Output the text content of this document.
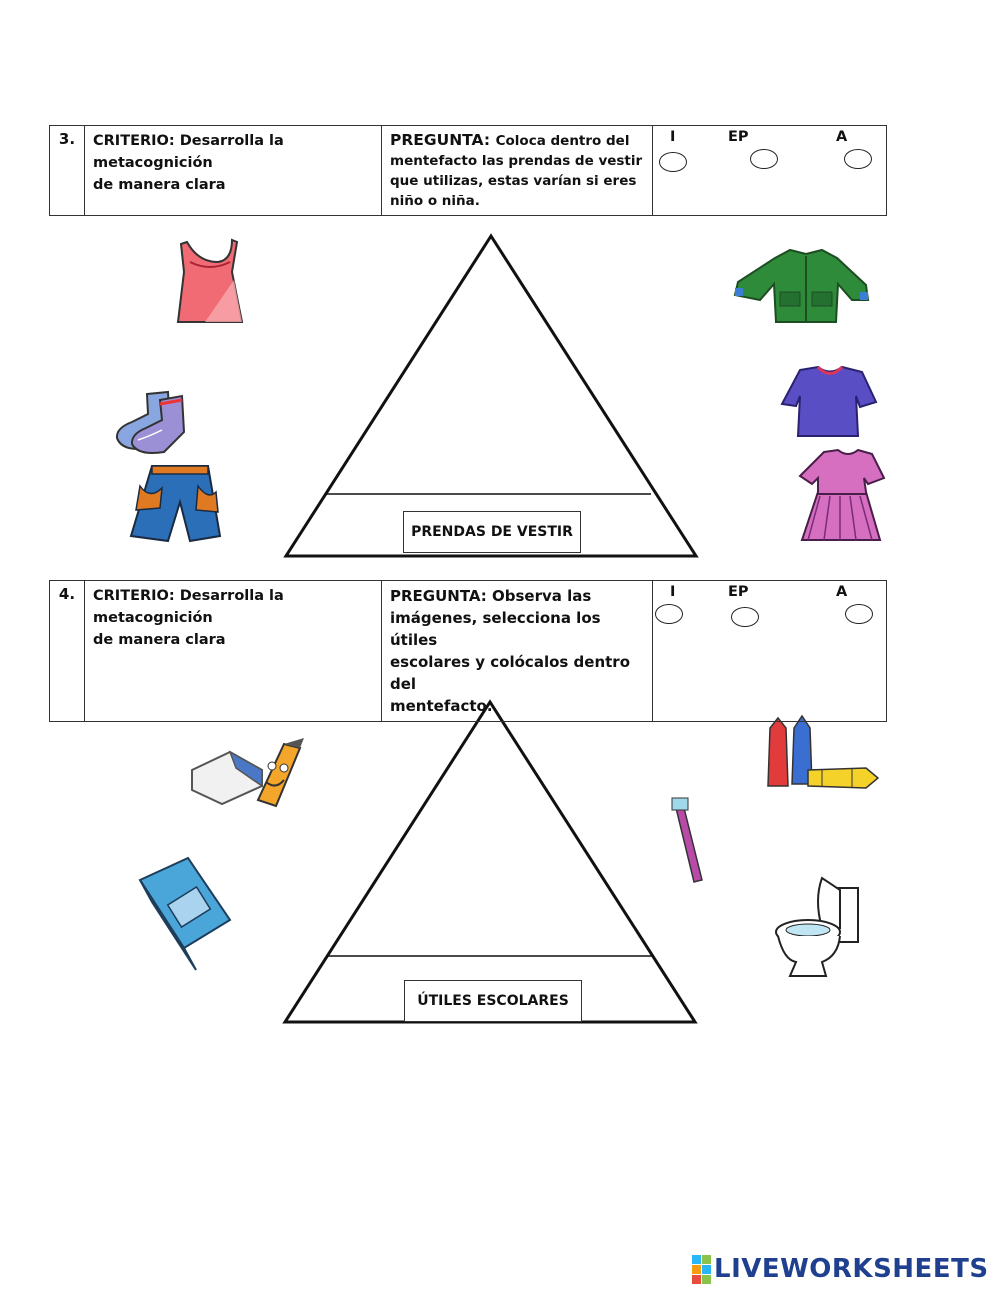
3.	CRITERIO: Desarrolla la
metacognición
de manera clara

PREGUNTA: Coloca dentro del
mentefacto las prendas de vestir
que utilizas, estas varían si eres
niño o niña.

I	EP	A
PRENDAS DE VESTIR
4.	CRITERIO: Desarrolla la
metacognición
de manera clara

PREGUNTA: Observa las
imágenes, selecciona los útiles
escolares y colócalos dentro del
mentefacto.

I	EP	A
ÚTILES ESCOLARES
LIVEWORKSHEETS
